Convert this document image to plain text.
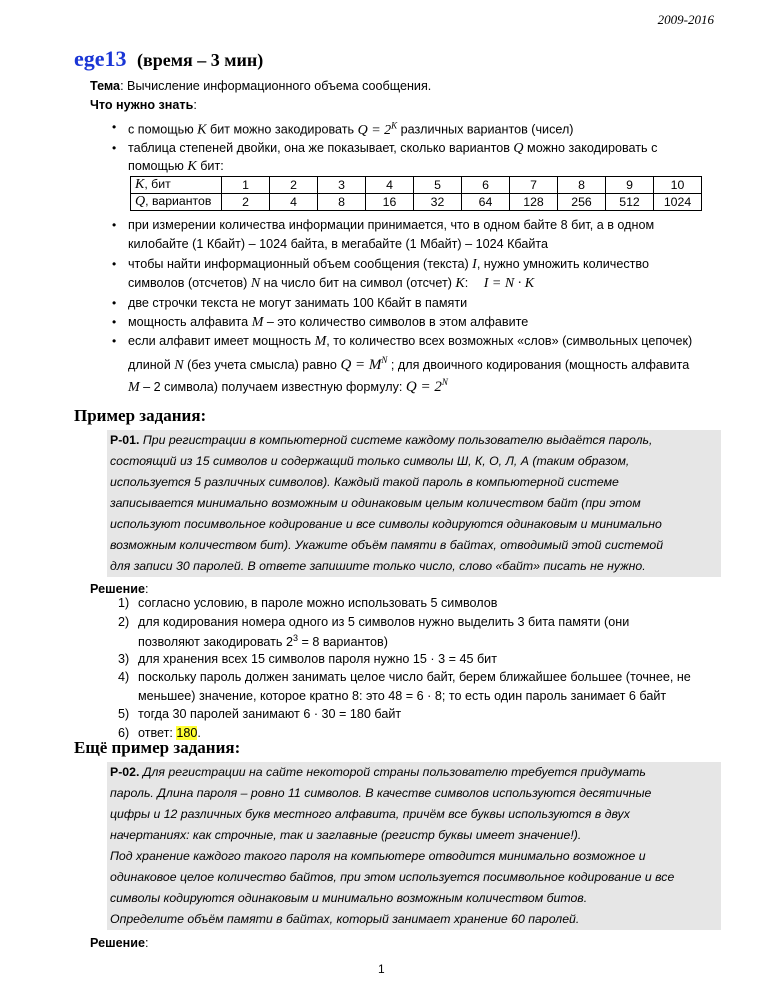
2009-2016
ege13 (время – 3 мин)
Тема: Вычисление информационного объема сообщения.
Что нужно знать:
• с помощью K бит можно закодировать $Q = 2^K$ различных вариантов (чисел)
• таблица степеней двойки, она же показывает, сколько вариантов Q можно закодировать с
помощью K бит:
K, бит	1	2	3	4	5	6	7	8	9	10
Q, вариантов	2	4	8	16	32	64	128	256	512	1024
• при измерении количества информации принимается, что в одном байте 8 бит, а в одном
килобайте (1 Кбайт) – 1024 байта, в мегабайте (1 Мбайт) – 1024 Кбайта
• чтобы найти информационный объем сообщения (текста) I, нужно умножить количество
символов (отсчетов) N на число бит на символ (отсчет) K: I = N · K
• две строчки текста не могут занимать 100 Кбайт в памяти
• мощность алфавита M – это количество символов в этом алфавите
• если алфавит имеет мощность M, то количество всех возможных «слов» (символьных цепочек)
длиной N (без учета смысла) равно $Q = M^N$ ; для двоичного кодирования (мощность алфавита
M – 2 символа) получаем известную формулу: $Q = 2^N$
Пример задания:
Р-01. При регистрации в компьютерной системе каждому пользователю выдаётся пароль,
состоящий из 15 символов и содержащий только символы Ш, К, О, Л, А (таким образом,
используется 5 различных символов). Каждый такой пароль в компьютерной системе
записывается минимально возможным и одинаковым целым количеством байт (при этом
используют посимвольное кодирование и все символы кодируются одинаковым и минимально
возможным количеством бит). Укажите объём памяти в байтах, отводимый этой системой
для записи 30 паролей. В ответе запишите только число, слово «байт» писать не нужно.
Решение:
1) согласно условию, в пароле можно использовать 5 символов
2) для кодирования номера одного из 5 символов нужно выделить 3 бита памяти (они
позволяют закодировать $2^3 = 8$ вариантов)
3) для хранения всех 15 символов пароля нужно 15 · 3 = 45 бит
4) поскольку пароль должен занимать целое число байт, берем ближайшее большее (точнее, не
меньшее) значение, которое кратно 8: это 48 = 6 · 8; то есть один пароль занимает 6 байт
5) тогда 30 паролей занимают 6 · 30 = 180 байт
6) ответ: 180.
Ещё пример задания:
Р-02. Для регистрации на сайте некоторой страны пользователю требуется придумать
пароль. Длина пароля – ровно 11 символов. В качестве символов используются десятичные
цифры и 12 различных букв местного алфавита, причём все буквы используются в двух
начертаниях: как строчные, так и заглавные (регистр буквы имеет значение!).
Под хранение каждого такого пароля на компьютере отводится минимально возможное и
одинаковое целое количество байтов, при этом используется посимвольное кодирование и все
символы кодируются одинаковым и минимально возможным количеством битов.
Определите объём памяти в байтах, который занимает хранение 60 паролей.
Решение:
1
